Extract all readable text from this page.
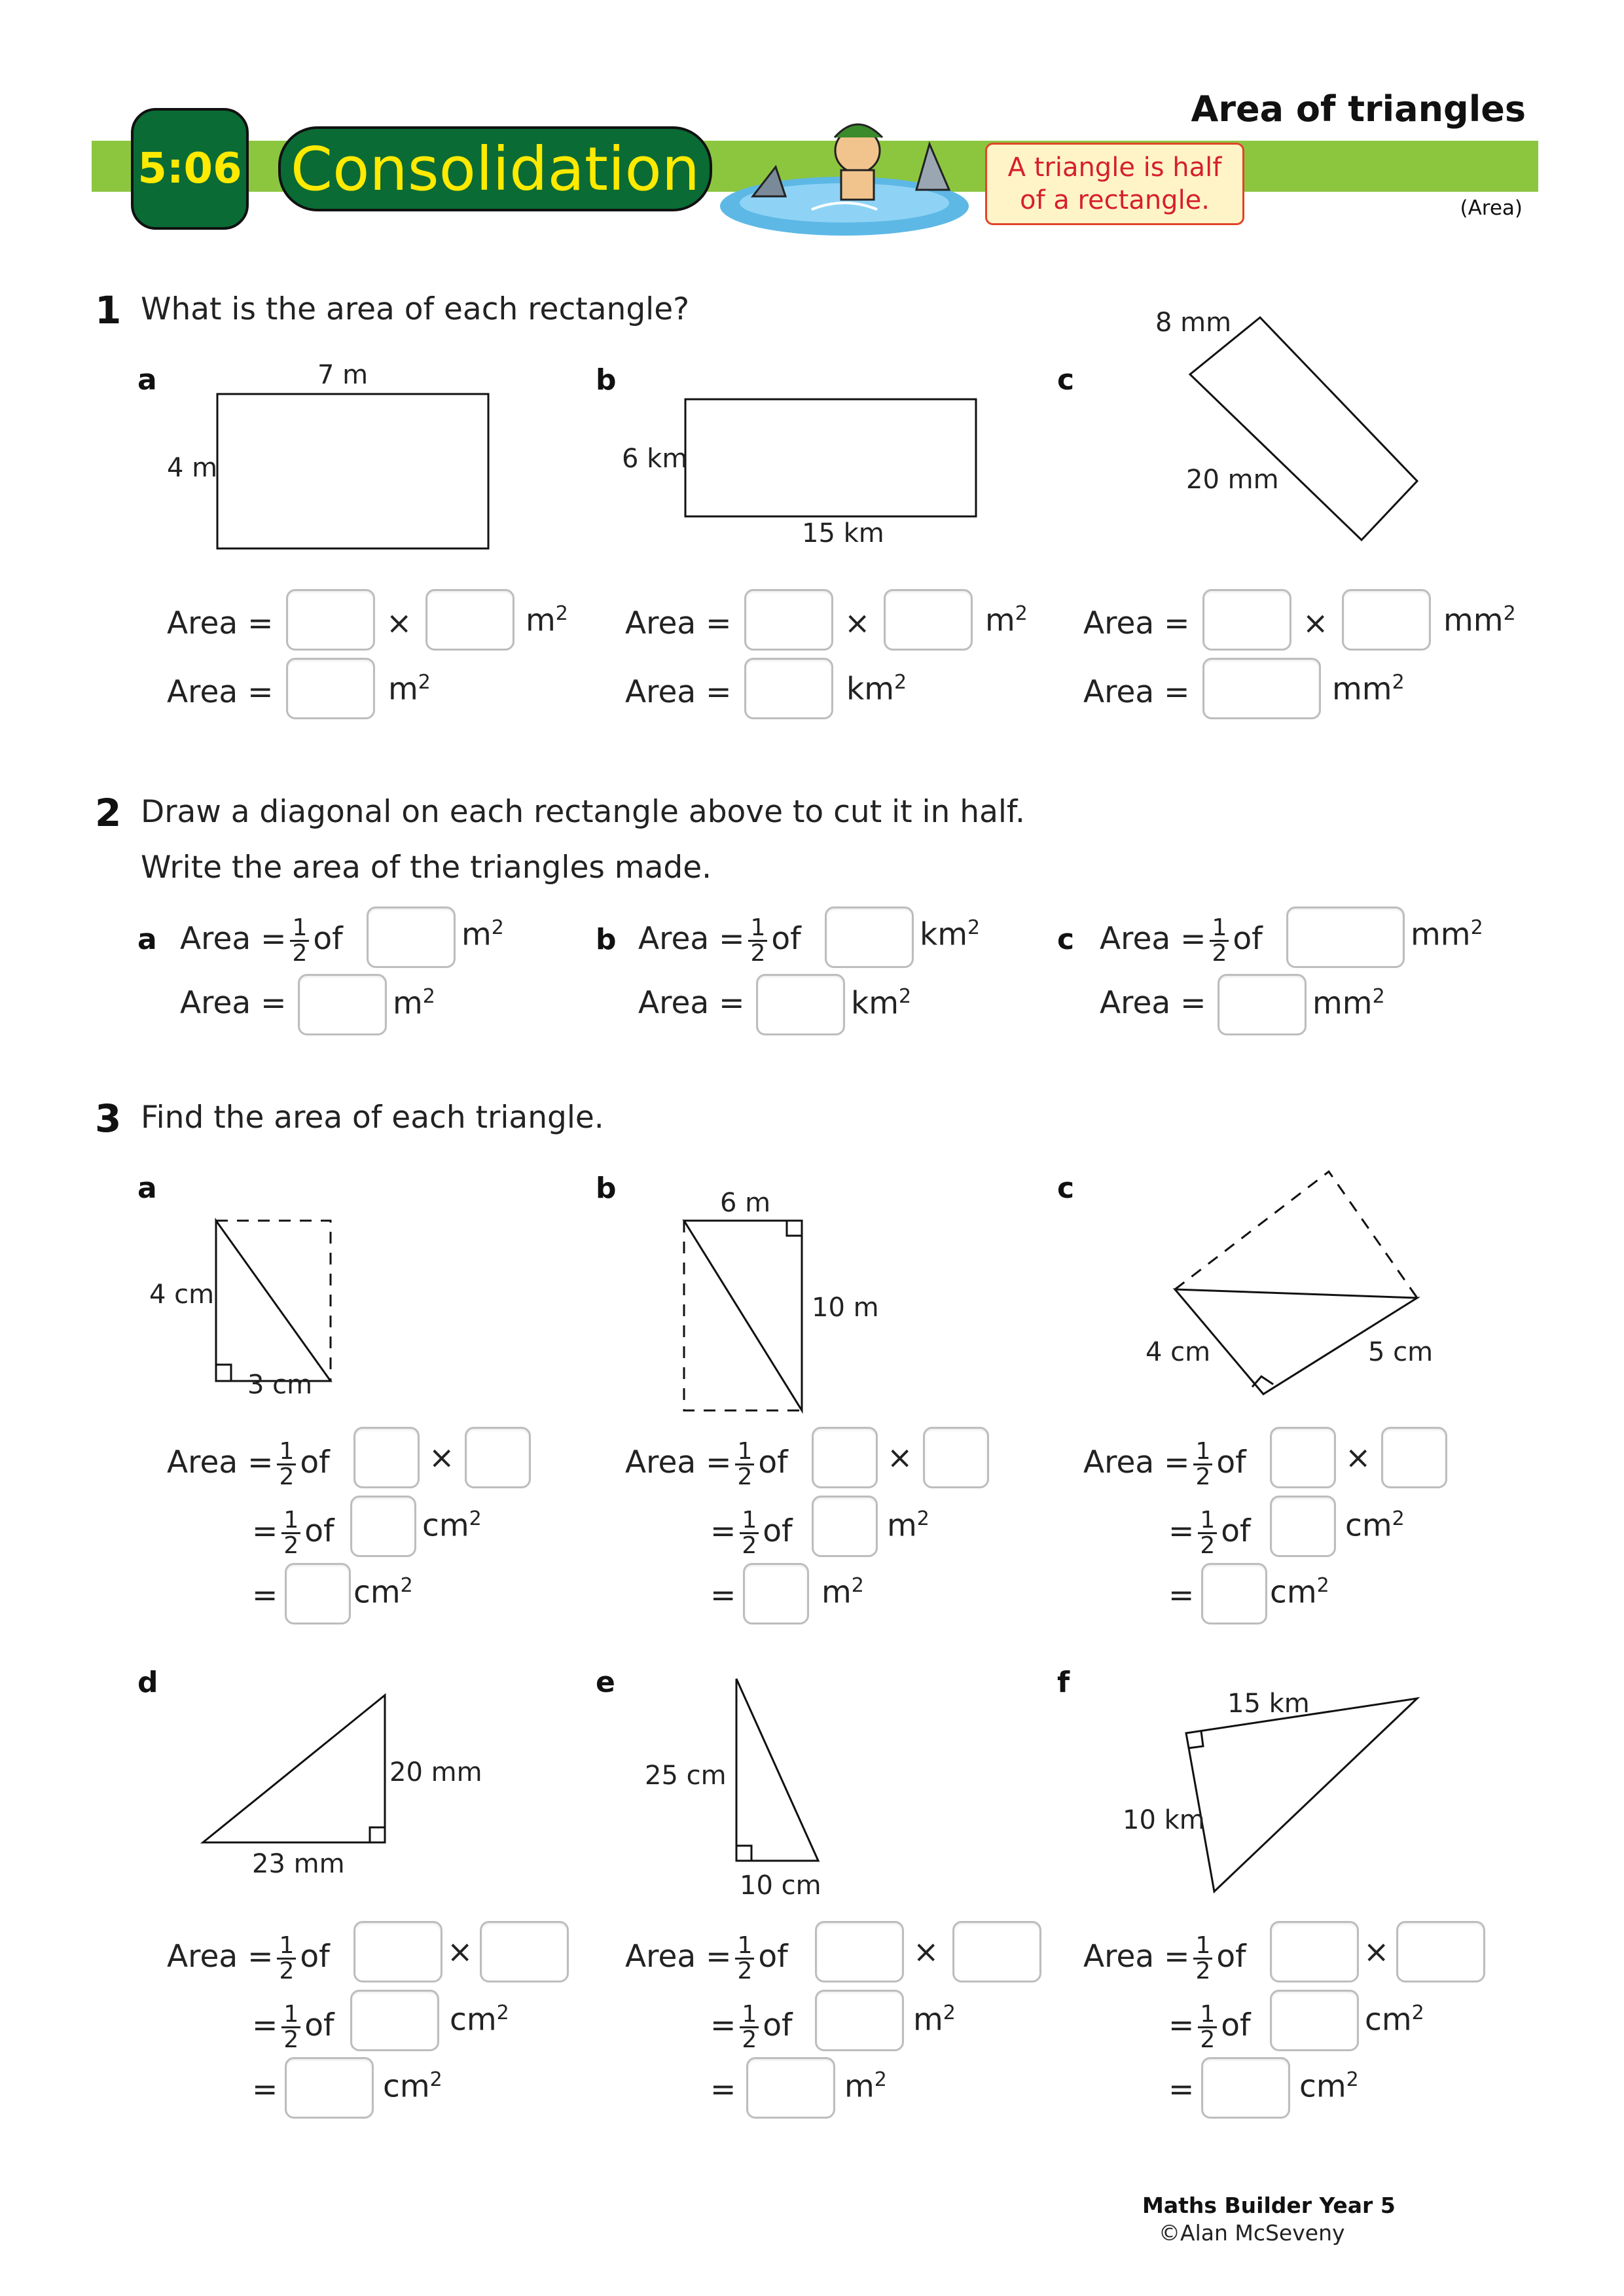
Area of triangles
5:06 Consolidation	A triangle is half
of a rectangle.	(Area)
1 What is the area of each rectangle?
a	7 m
4 m
b
6 km
15 km
c
8 mm
20 mm
Area =	×	$m^2$
Area =	$m^2$
Area =	×	$m^2$
Area =	$km^2$
Area =	×	$mm^2$
Area =	$mm^2$
2 Draw a diagonal on each rectangle above to cut it in half.
Write the area of the triangles made.
a Area = $\frac{1}{2}$ of	$m^2$
Area =	$m^2$
b Area = $\frac{1}{2}$ of	$km^2$
Area =	$km^2$
c Area = $\frac{1}{2}$ of	$mm^2$
Area =	$mm^2$
3 Find the area of each triangle.
a
4 cm
3 cm
b	6 m
10 m
c
4 cm	5 cm
Area = $\frac{1}{2}$ of	×
= $\frac{1}{2}$ of	$cm^2$
= $cm^2$
Area = $\frac{1}{2}$ of	×
= $\frac{1}{2}$ of	$m^2$
=	$m^2$
Area = $\frac{1}{2}$ of	×
= $\frac{1}{2}$ of	$cm^2$
= $cm^2$
d
20 mm
23 mm
e
25 cm
10 cm
f
15 km
10 km
Area = $\frac{1}{2}$ of	×
= $\frac{1}{2}$ of	$cm^2$
=	$cm^2$
Area = $\frac{1}{2}$ of	×
= $\frac{1}{2}$ of	$m^2$
=	$m^2$
Area = $\frac{1}{2}$ of	×
= $\frac{1}{2}$ of	$cm^2$
=	$cm^2$
Maths Builder Year 5
©Alan McSeveny
